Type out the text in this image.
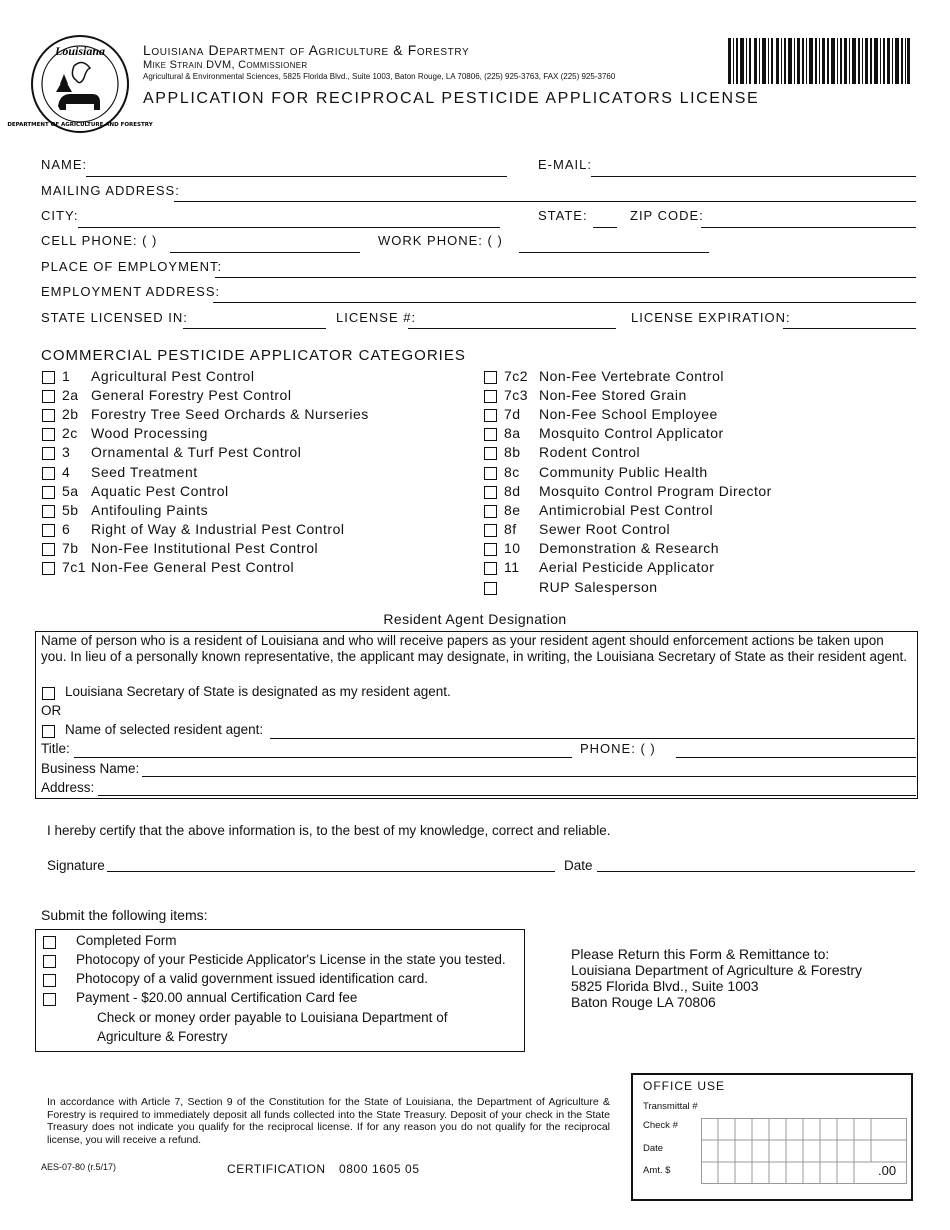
Louisiana
DEPARTMENT OF AGRICULTURE AND FORESTRY
Louisiana Department of Agriculture & Forestry
Mike Strain DVM, Commissioner
Agricultural & Environmental Sciences, 5825 Florida Blvd., Suite 1003, Baton Rouge, LA 70806, (225) 925-3763, FAX (225) 925-3760
APPLICATION FOR RECIPROCAL PESTICIDE APPLICATORS LICENSE
NAME:	E-MAIL:
MAILING ADDRESS:
CITY:	STATE:	ZIP CODE:
CELL PHONE: ( )	WORK PHONE: ( )
PLACE OF EMPLOYMENT:
EMPLOYMENT ADDRESS:
STATE LICENSED IN:	LICENSE #:	LICENSE EXPIRATION:
COMMERCIAL PESTICIDE APPLICATOR CATEGORIES
1 Agricultural Pest Control
2a General Forestry Pest Control
2b Forestry Tree Seed Orchards & Nurseries
2c Wood Processing
3 Ornamental & Turf Pest Control
4 Seed Treatment
5a Aquatic Pest Control
5b Antifouling Paints
6 Right of Way & Industrial Pest Control
7b Non-Fee Institutional Pest Control
7c1 Non-Fee General Pest Control
7c2 Non-Fee Vertebrate Control
7c3 Non-Fee Stored Grain
7d Non-Fee School Employee
8a Mosquito Control Applicator
8b Rodent Control
8c Community Public Health
8d Mosquito Control Program Director
8e Antimicrobial Pest Control
8f Sewer Root Control
10 Demonstration & Research
11 Aerial Pesticide Applicator
RUP Salesperson
Resident Agent Designation
Name of person who is a resident of Louisiana and who will receive papers as your resident agent should enforcement actions be taken upon you. In lieu of a personally known representative, the applicant may designate, in writing, the Louisiana Secretary of State as their resident agent.
Louisiana Secretary of State is designated as my resident agent.
OR
Name of selected resident agent:
Title:	PHONE: ( )
Business Name:
Address:
I hereby certify that the above information is, to the best of my knowledge, correct and reliable.
Signature	Date
Submit the following items:
Completed Form
Photocopy of your Pesticide Applicator's License in the state you tested.
Photocopy of a valid government issued identification card.
Payment - $20.00 annual Certification Card fee
Check or money order payable to Louisiana Department of
Agriculture & Forestry
Please Return this Form & Remittance to:
Louisiana Department of Agriculture & Forestry
5825 Florida Blvd., Suite 1003
Baton Rouge LA 70806
In accordance with Article 7, Section 9 of the Constitution for the State of Louisiana, the Department of Agriculture & Forestry is required to immediately deposit all funds collected into the State Treasury. Deposit of your check in the State Treasury does not indicate you qualify for the reciprocal license. If for any reason you do not qualify for the reciprocal license, you will receive a refund.
AES-07-80 (r.5/17)	CERTIFICATION 0800 1605 05
OFFICE USE
Transmittal #
Check #
Date
Amt. $	.00
